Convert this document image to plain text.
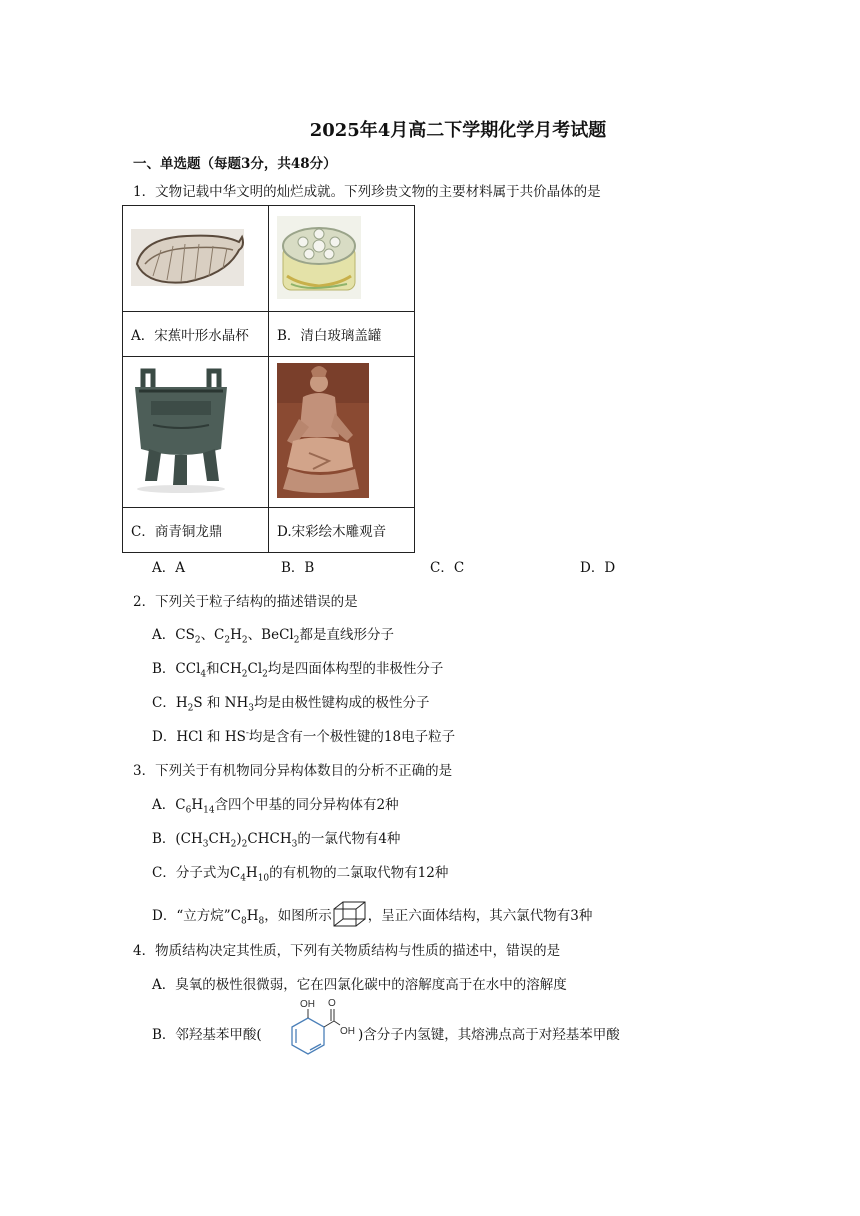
2025年4月高二下学期化学月考试题
一、单选题（每题3分，共48分）
1．文物记载中华文明的灿烂成就。下列珍贵文物的主要材料属于共价晶体的是

A．宋蕉叶形水晶杯	B．清白玻璃盖罐

C．商青铜龙鼎	D.宋彩绘木雕观音
A．A	B．B	C．C	D．D
2．下列关于粒子结构的描述错误的是
A．$CS_2$、$C_2H_2$、BeCl$_2$都是直线形分子
B．CCl$_4$和$CH_2Cl_2$均是四面体构型的非极性分子
C．$H_2S$ 和 $NH_3$均是由极性键构成的极性分子
D．HCl 和 HS-均是含有一个极性键的18电子粒子
3．下列关于有机物同分异构体数目的分析不正确的是
A．$C_6H_{14}$含四个甲基的同分异构体有2种
B．$(CH_3CH_2)_2CHCH_3$的一氯代物有4种
C．分子式为$C_4H_{10}$的有机物的二氯取代物有12种
D．“立方烷$”C_8H_8$，如图所示	，呈正六面体结构，其六氯代物有3种
4．物质结构决定其性质，下列有关物质结构与性质的描述中，错误的是
A．臭氧的极性很微弱，它在四氯化碳中的溶解度高于在水中的溶解度
B．邻羟基苯甲酸(
OH O
OH )含分子内氢键，其熔沸点高于对羟基苯甲酸
